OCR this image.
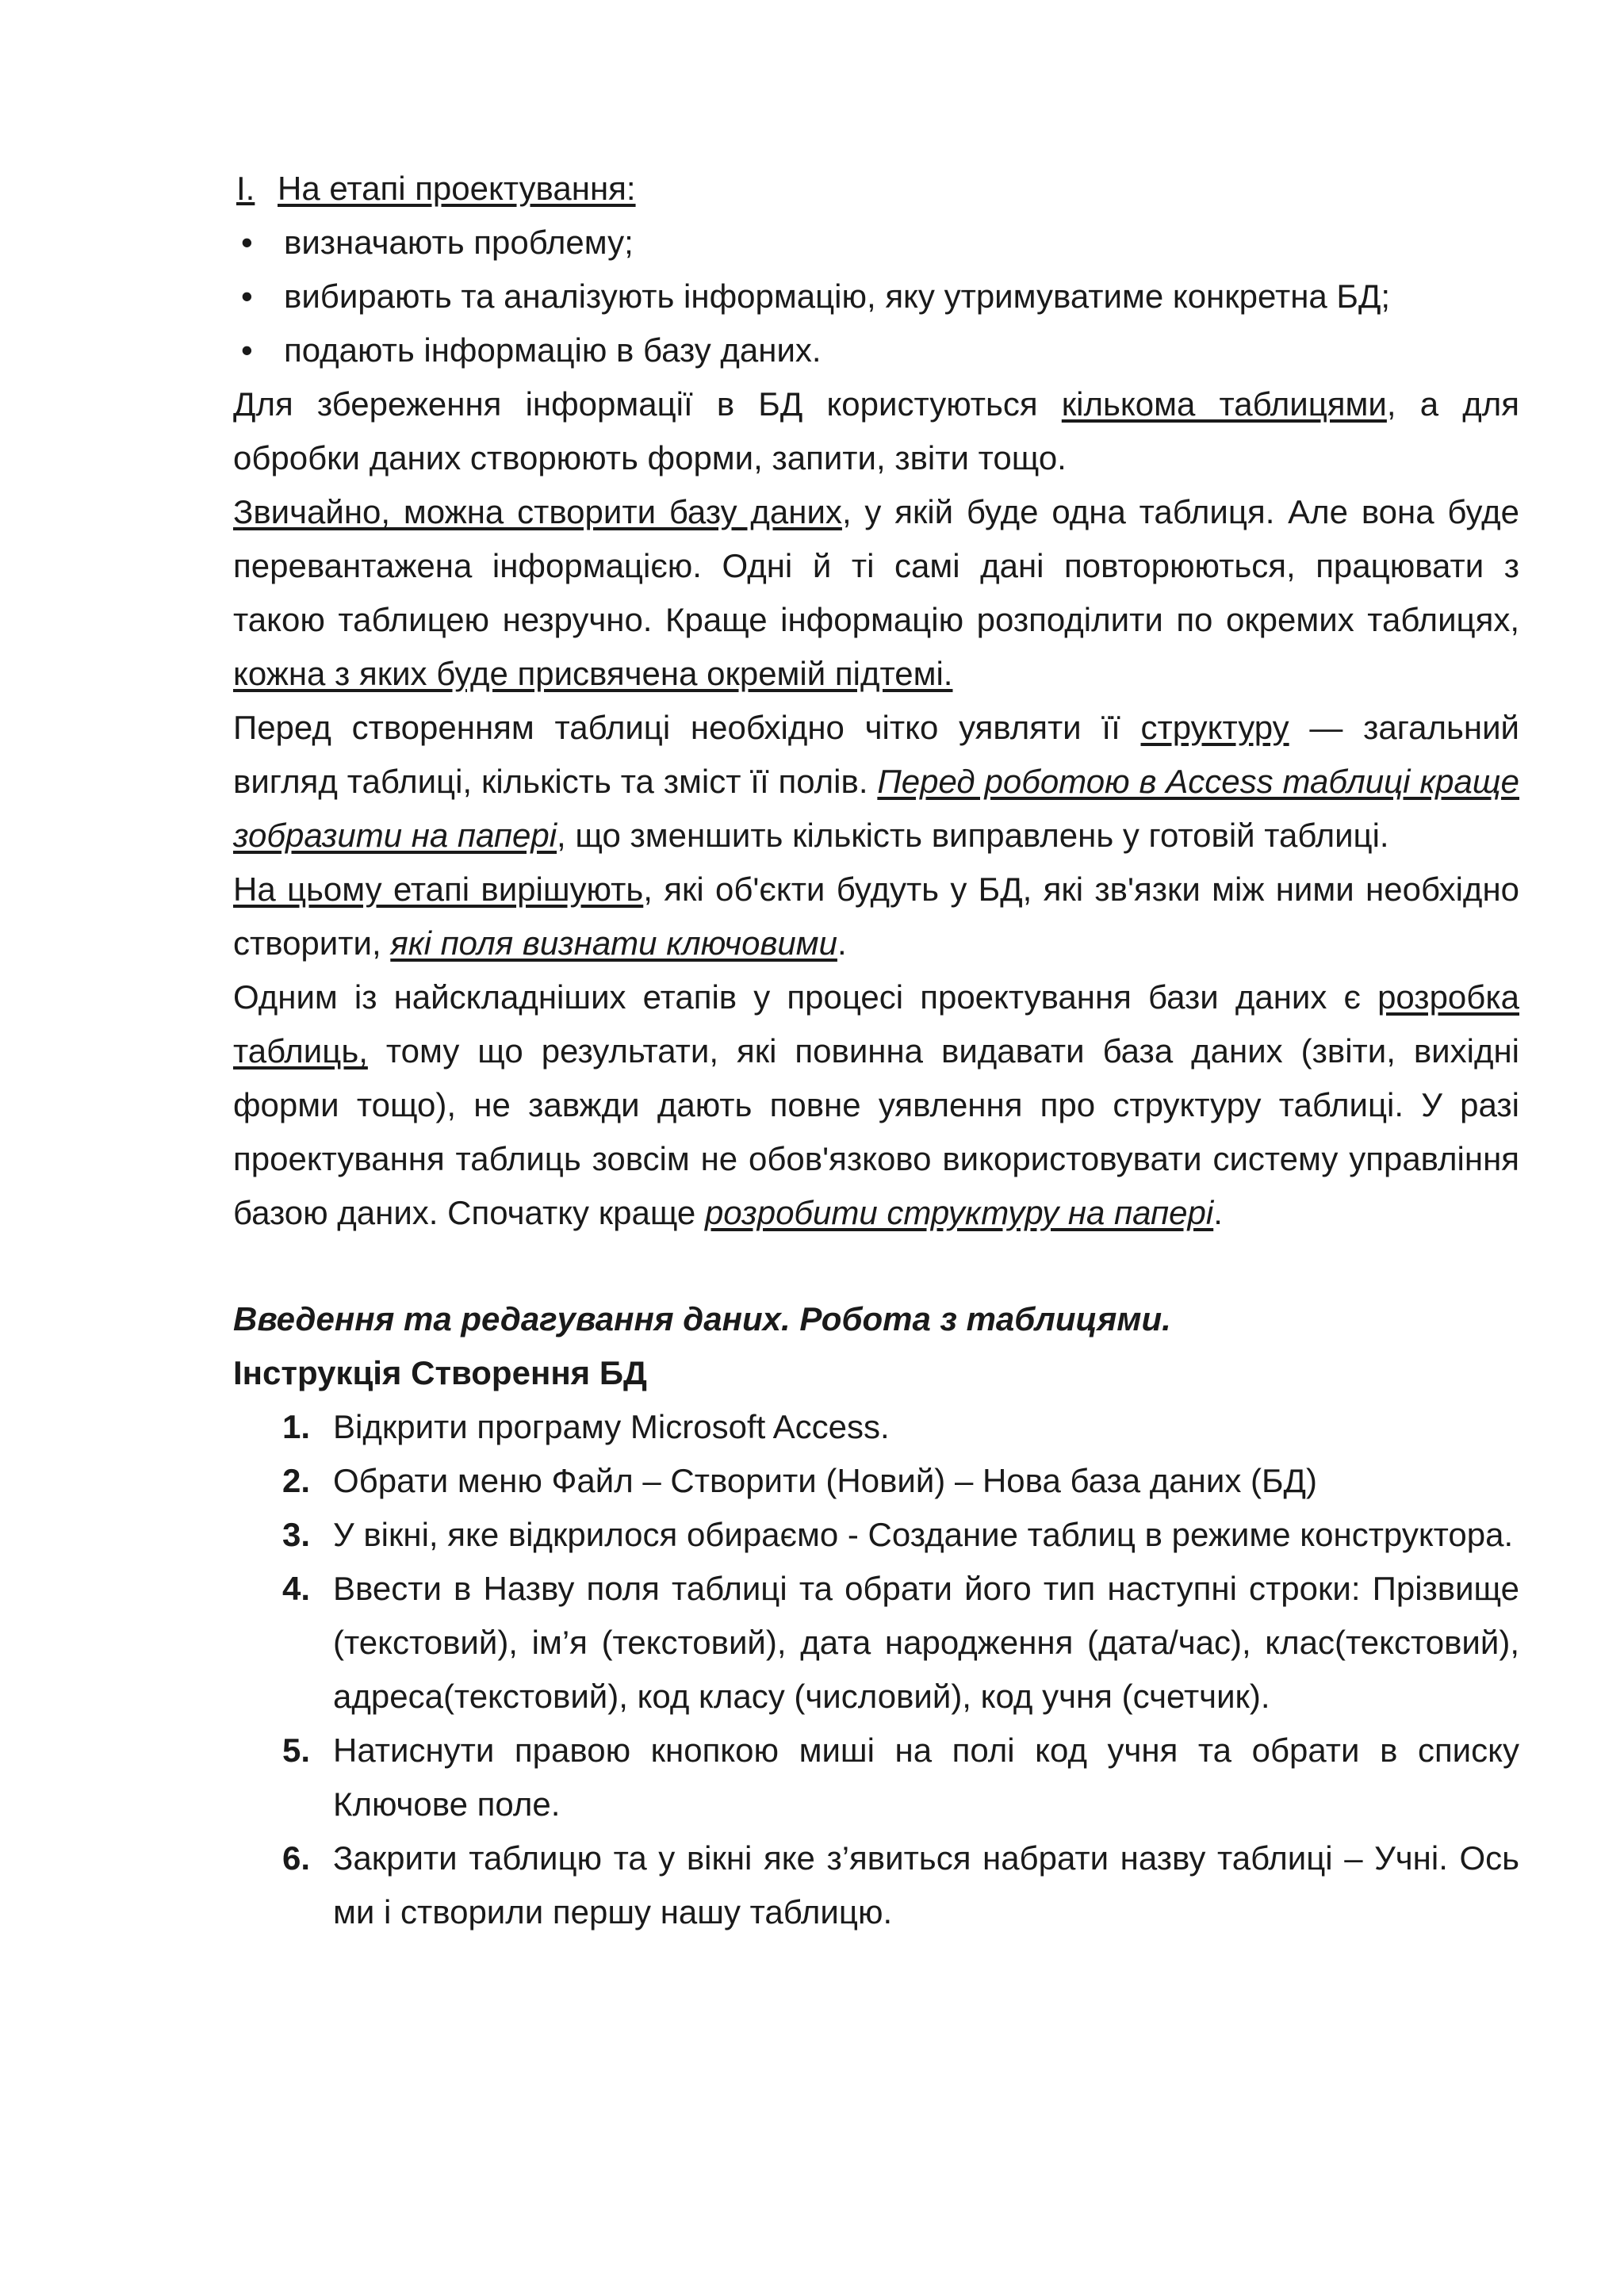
I. На етапі проектування:
• визначають проблему;
• вибирають та аналізують інформацію, яку утримуватиме конкретна БД;
• подають інформацію в базу даних.

Для збереження інформації в БД користуються кількома таблицями, а для обробки даних створюють форми, запити, звіти тощо.

Звичайно, можна створити базу даних, у якій буде одна таблиця. Але вона буде перевантажена інформацією. Одні й ті самі дані повторюються, працювати з такою таблицею незручно. Краще інформацію розподілити по окремих таблицях, кожна з яких буде присвячена окремій підтемі.

Перед створенням таблиці необхідно чітко уявляти її структуру — загальний вигляд таблиці, кількість та зміст її полів. Перед роботою в Access таблиці краще зобразити на папері, що зменшить кількість виправлень у готовій таблиці.

На цьому етапі вирішують, які об'єкти будуть у БД, які зв'язки між ними необхідно створити, які поля визнати ключовими.

Одним із найскладніших етапів у процесі проектування бази даних є розробка таблиць, тому що результати, які повинна видавати база даних (звіти, вихідні форми тощо), не завжди дають повне уявлення про структуру таблиці. У разі проектування таблиць зовсім не обов'язково використовувати систему управління базою даних. Спочатку краще розробити структуру на папері.

Введення та редагування даних. Робота з таблицями.

Інструкція Створення БД

1. Відкрити програму Microsoft Access.
2. Обрати меню Файл – Створити (Новий) – Нова база даних (БД)
3. У вікні, яке відкрилося обираємо - Создание таблиц в режиме конструктора.
4. Ввести в Назву поля таблиці та обрати його тип наступні строки: Прізвище (текстовий), ім’я (текстовий), дата народження (дата/час), клас(текстовий), адреса(текстовий), код класу (числовий), код учня (счетчик).
5. Натиснути правою кнопкою миші на полі код учня та обрати в списку Ключове поле.
6. Закрити таблицю та у вікні яке з’явиться набрати назву таблиці – Учні. Ось ми і створили першу нашу таблицю.
